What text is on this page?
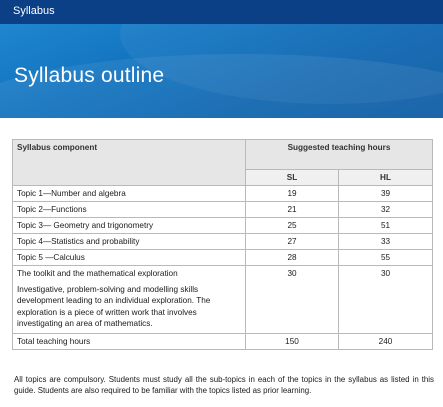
Syllabus
Syllabus outline
Syllabus component	Suggested teaching hours	
	SL	HL
Topic 1—Number and algebra	19	39
Topic 2—Functions	21	32
Topic 3— Geometry and trigonometry	25	51
Topic 4—Statistics and probability	27	33
Topic 5 —Calculus	28	55

The toolkit and the mathematical exploration
Investigative, problem-solving and modelling skills development leading to an individual exploration. The exploration is a piece of written work that involves investigating an area of mathematics.	30	30
Total teaching hours	150	240
All topics are compulsory. Students must study all the sub-topics in each of the topics in the syllabus as listed in this guide. Students are also required to be familiar with the topics listed as prior learning.
